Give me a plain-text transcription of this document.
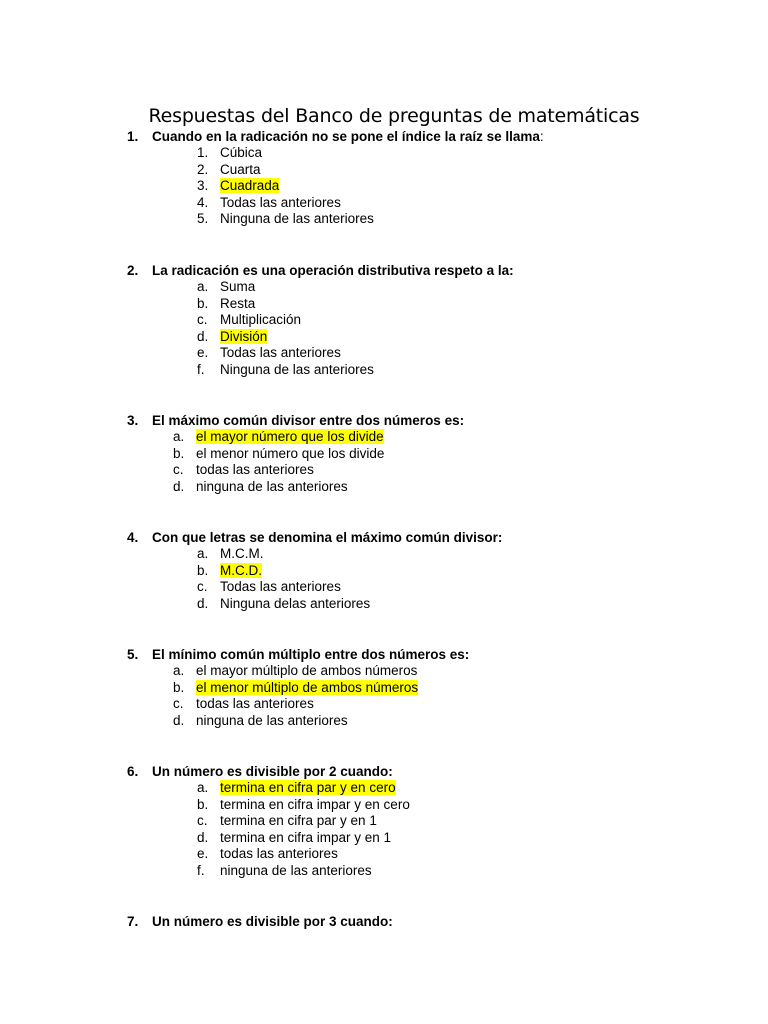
Respuestas del Banco de preguntas de matemáticas
1. Cuando en la radicación no se pone el índice la raíz se llama:
1. Cúbica
2. Cuarta
3. Cuadrada
4. Todas las anteriores
5. Ninguna de las anteriores
2. La radicación es una operación distributiva respeto a la:
a. Suma
b. Resta
c. Multiplicación
d. División
e. Todas las anteriores
f. Ninguna de las anteriores
3. El máximo común divisor entre dos números es:
a. el mayor número que los divide
b. el menor número que los divide
c. todas las anteriores
d. ninguna de las anteriores
4. Con que letras se denomina el máximo común divisor:
a. M.C.M.
b. M.C.D.
c. Todas las anteriores
d. Ninguna delas anteriores
5. El mínimo común múltiplo entre dos números es:
a. el mayor múltiplo de ambos números
b. el menor múltiplo de ambos números
c. todas las anteriores
d. ninguna de las anteriores
6. Un número es divisible por 2 cuando:
a. termina en cifra par y en cero
b. termina en cifra impar y en cero
c. termina en cifra par y en 1
d. termina en cifra impar y en 1
e. todas las anteriores
f. ninguna de las anteriores
7. Un número es divisible por 3 cuando:
